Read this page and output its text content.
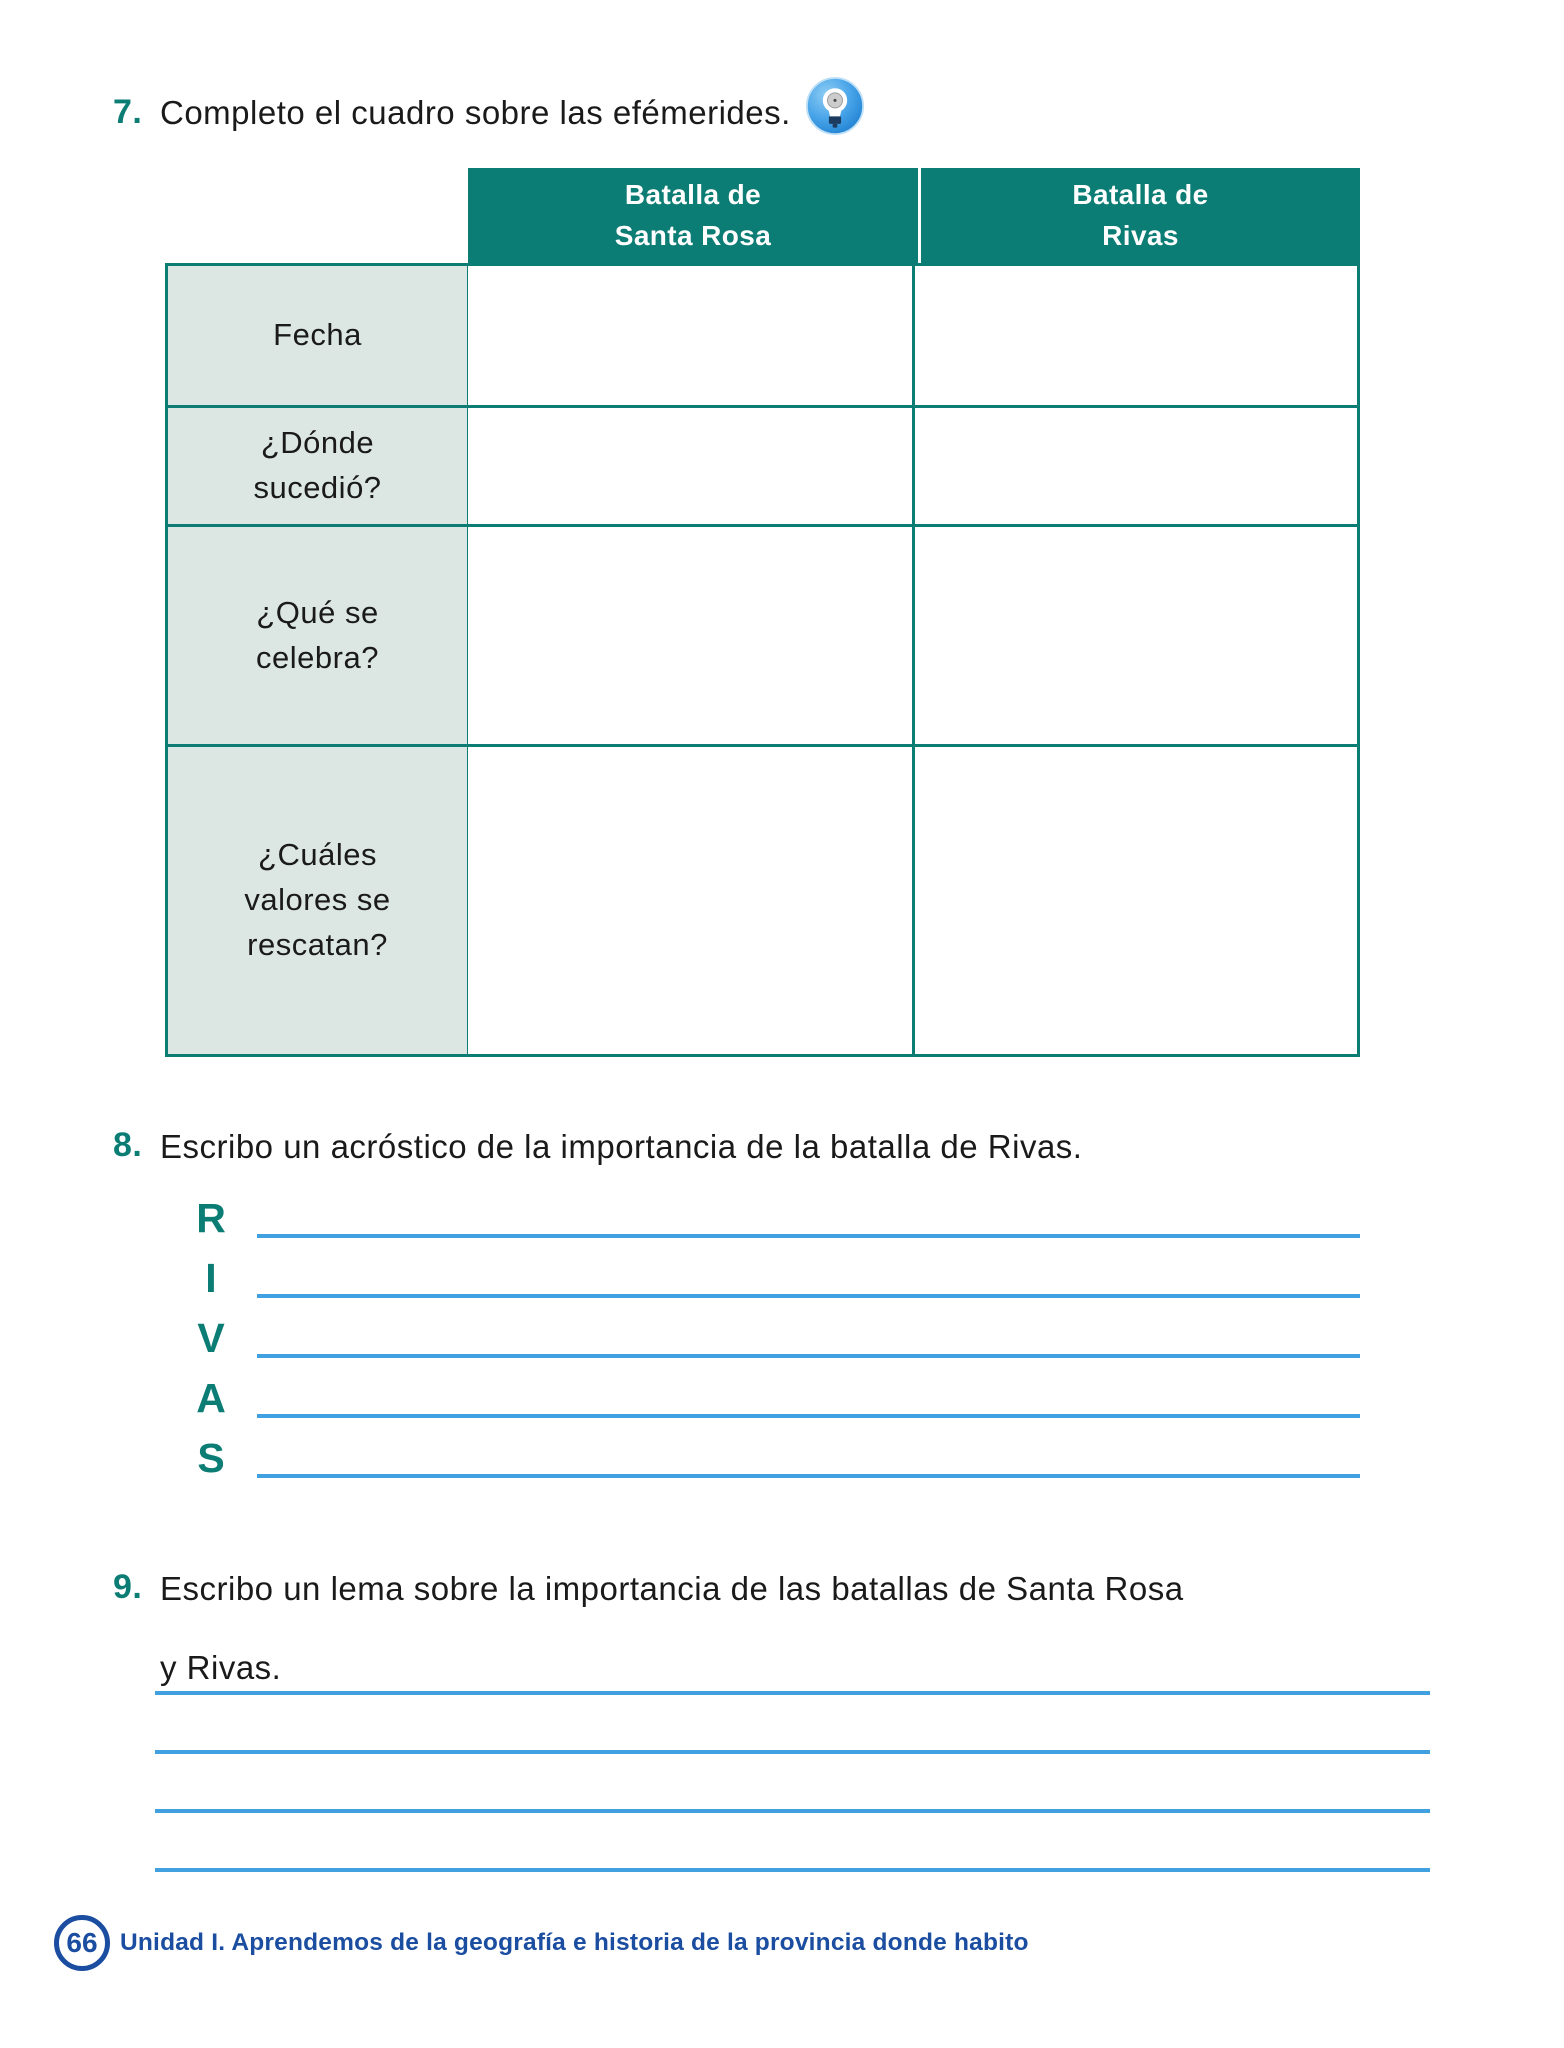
7. Completo el cuadro sobre las efémerides.
Batalla de
Santa Rosa
Batalla de
Rivas
Fecha
¿Dónde
sucedió?
¿Qué se
celebra?
¿Cuáles
valores se
rescatan?
8. Escribo un acróstico de la importancia de la batalla de Rivas.
R
I
V
A
S
9. Escribo un lema sobre la importancia de las batallas de Santa Rosa
y Rivas.
66 Unidad I. Aprendemos de la geografía e historia de la provincia donde habito
